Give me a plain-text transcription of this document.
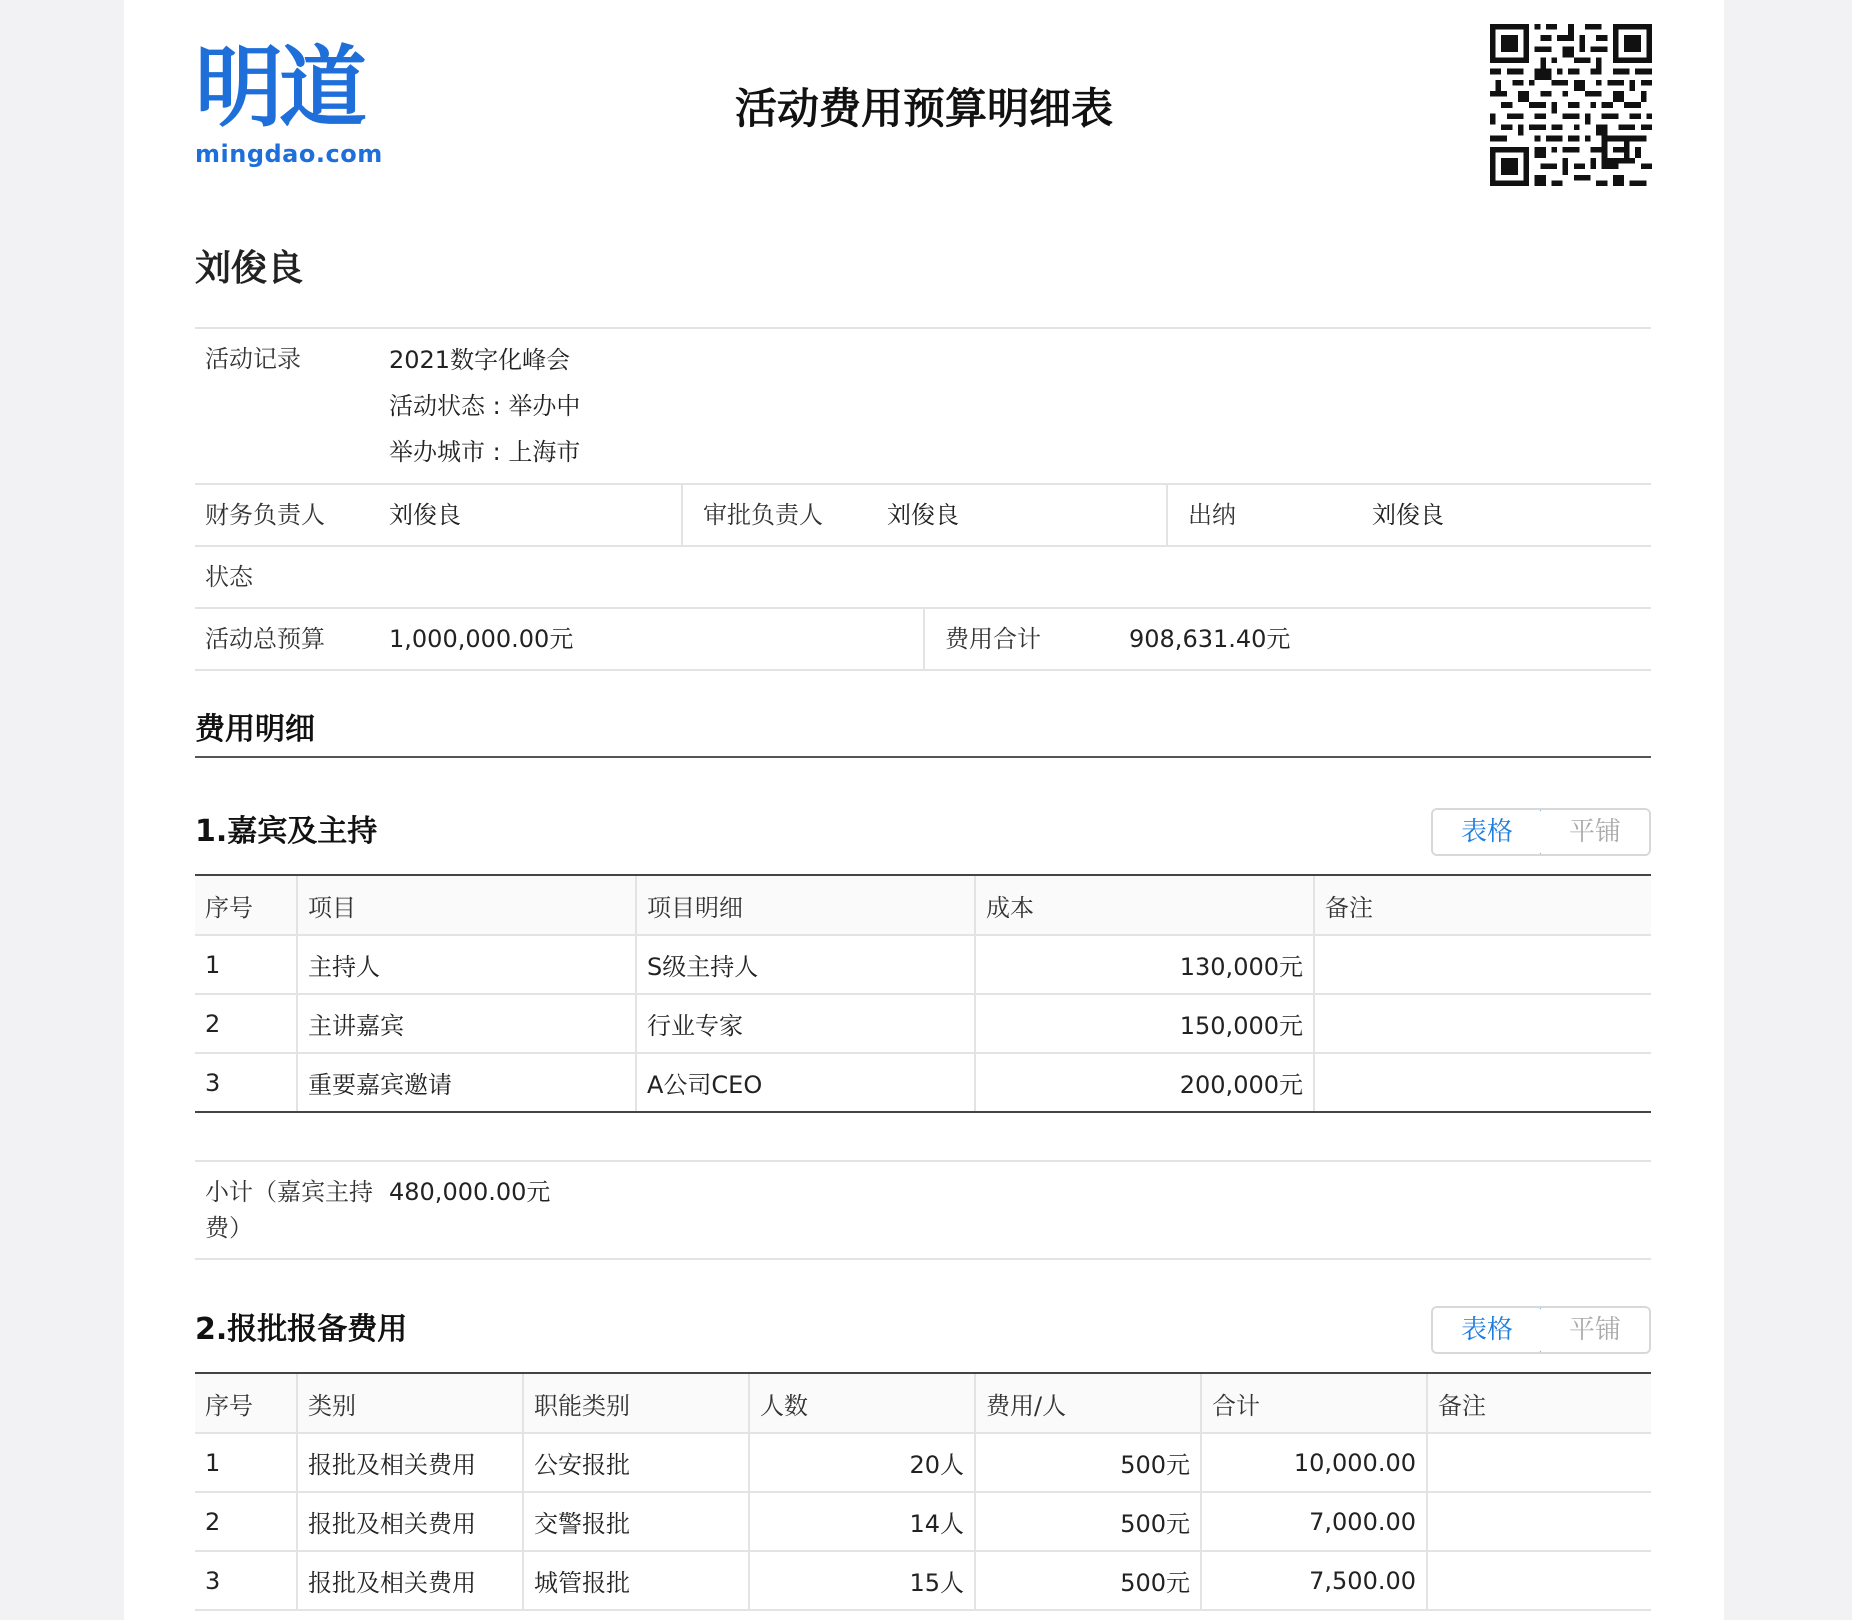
明道
mingdao.com
活动费用预算明细表
刘俊良
活动记录	2021数字化峰会
活动状态 : 举办中
举办城市 : 上海市
财务负责人	刘俊良	审批负责人	刘俊良	出纳	刘俊良
状态
活动总预算	1,000,000.00元	费用合计	908,631.40元
费用明细
1.嘉宾及主持	表格	平铺
序号	项目	项目明细	成本	备注
1	主持人	S级主持人	130,000元	
2	主讲嘉宾	行业专家	150,000元	
3	重要嘉宾邀请	A公司CEO	200,000元	
小计（嘉宾主持费）
480,000.00元
2.报批报备费用	表格	平铺
序号	类别	职能类别	人数	费用/人	合计	备注
1	报批及相关费用	公安报批	20人	500元	10,000.00	
2	报批及相关费用	交警报批	14人	500元	7,000.00	
3	报批及相关费用	城管报批	15人	500元	7,500.00	
